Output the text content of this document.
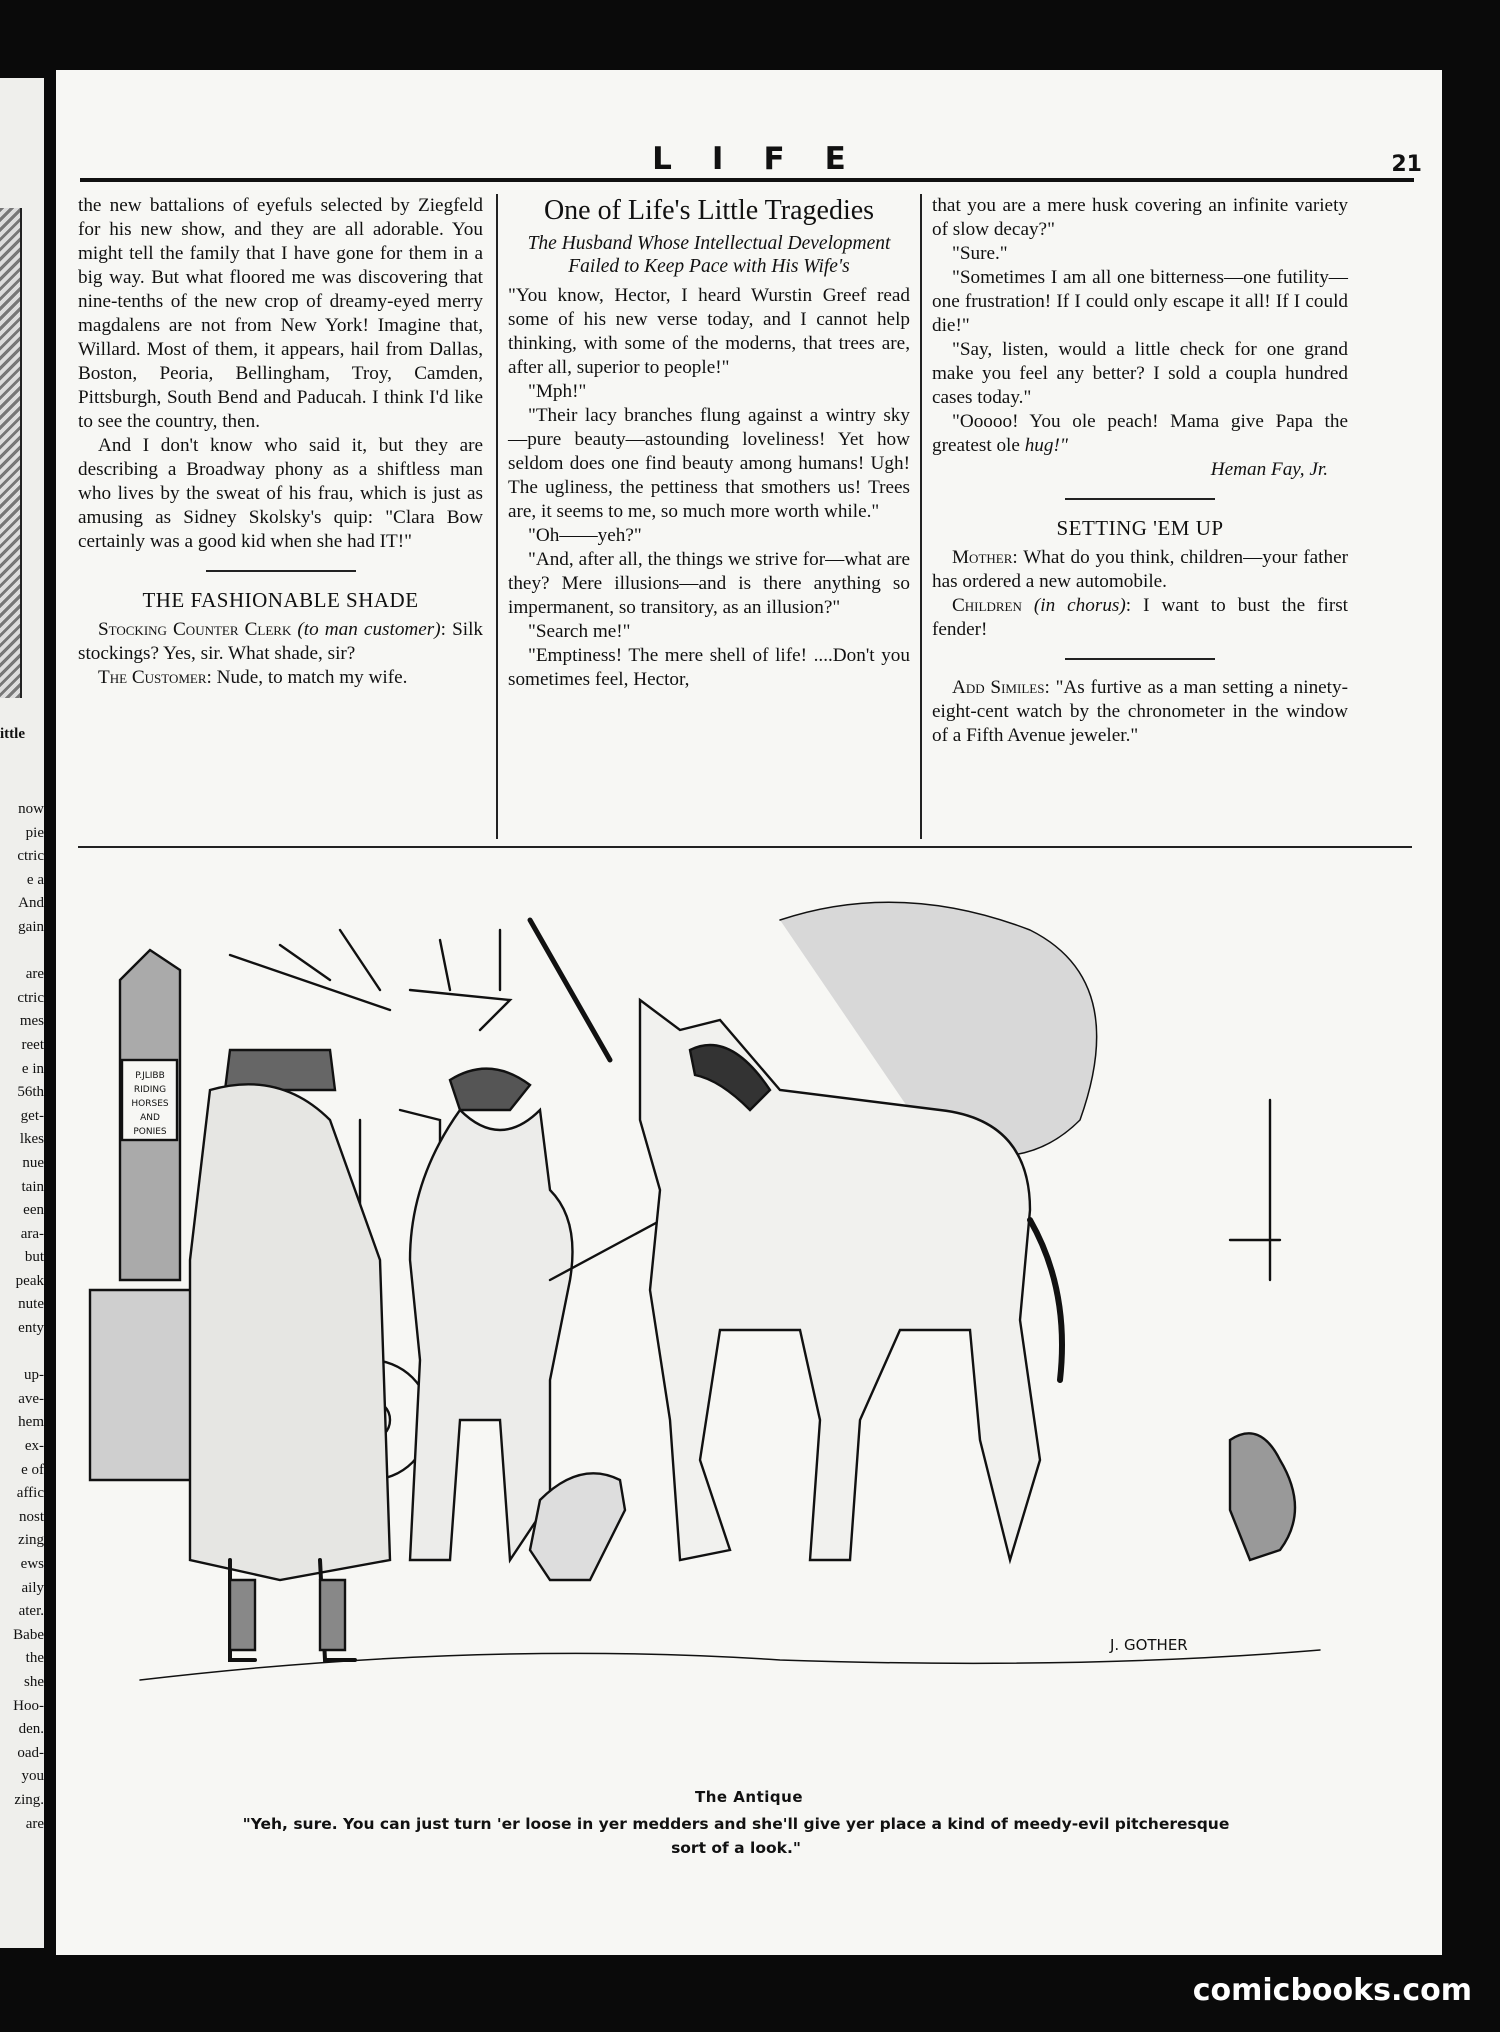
ittle
now
pie
ctric
e a
And
gain
are
ctric
mes
reet
e in
56th
get-
lkes
nue
tain
een
ara-
but
peak
nute
enty
up-
ave-
hem
ex-
e of
affic
nost
zing
ews
aily
ater.
Babe
the
she
Hoo-
den.
oad-
you
zing.
are
LIFE	21

the new battalions of eyefuls selected by Ziegfeld for his new show, and they are all adorable. You might tell the family that I have gone for them in a big way. But what floored me was discovering that nine-tenths of the new crop of dreamy-eyed merry magdalens are not from New York! Imagine that, Willard. Most of them, it appears, hail from Dallas, Boston, Peoria, Bellingham, Troy, Camden, Pittsburgh, South Bend and Paducah. I think I'd like to see the country, then.

And I don't know who said it, but they are describing a Broadway phony as a shiftless man who lives by the sweat of his frau, which is just as amusing as Sidney Skolsky's quip: "Clara Bow certainly was a good kid when she had IT!"

THE FASHIONABLE SHADE

Stocking Counter Clerk (to man customer): Silk stockings? Yes, sir. What shade, sir?

The Customer: Nude, to match my wife.

One of Life's Little Tragedies
The Husband Whose Intellectual Development Failed to Keep Pace with His Wife's

"You know, Hector, I heard Wurstin Greef read some of his new verse today, and I cannot help thinking, with some of the moderns, that trees are, after all, superior to people!"

"Mph!"

"Their lacy branches flung against a wintry sky—pure beauty—astounding loveliness! Yet how seldom does one find beauty among humans! Ugh! The ugliness, the pettiness that smothers us! Trees are, it seems to me, so much more worth while."

"Oh——yeh?"

"And, after all, the things we strive for—what are they? Mere illusions—and is there anything so impermanent, so transitory, as an illusion?"

"Search me!"

"Emptiness! The mere shell of life! ....Don't you sometimes feel, Hector,

that you are a mere husk covering an infinite variety of slow decay?"

"Sure."

"Sometimes I am all one bitterness—one futility—one frustration! If I could only escape it all! If I could die!"

"Say, listen, would a little check for one grand make you feel any better? I sold a coupla hundred cases today."

"Ooooo! You ole peach! Mama give Papa the greatest ole hug!"

Heman Fay, Jr.
SETTING 'EM UP

Mother: What do you think, children—your father has ordered a new automobile.

Children (in chorus): I want to bust the first fender!

Add Similes: "As furtive as a man setting a ninety-eight-cent watch by the chronometer in the window of a Fifth Avenue jeweler."

P.JLIBB
RIDING
HORSES
AND
PONIES
J. GOTHER
The Antique
"Yeh, sure. You can just turn 'er loose in yer medders and she'll give yer place a kind of meedy-evil pitcheresque sort of a look."
comicbooks.com
